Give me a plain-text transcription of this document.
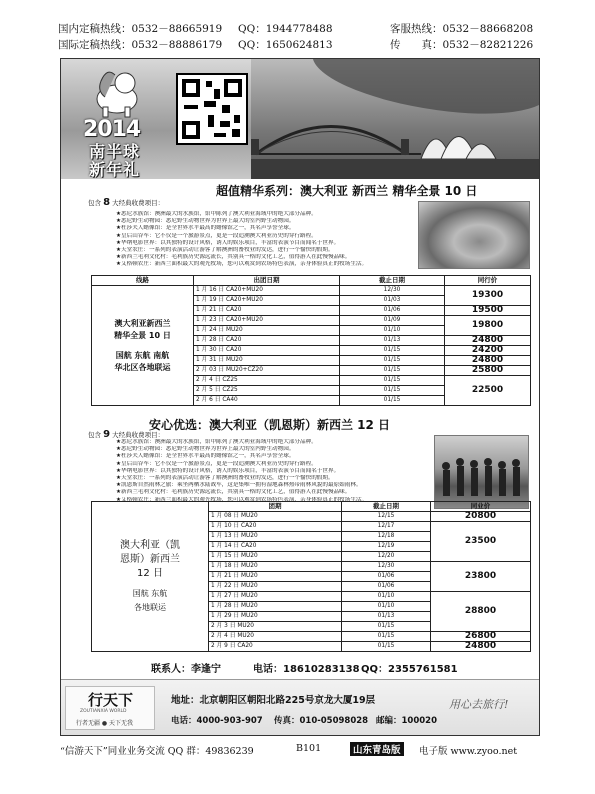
国内定稿热线：0532－88665919 QQ：1944778488
国际定稿热线：0532－88886179 QQ：1650624813
客服热线：0532－88668208
传　　真：0532－82821226
2014
南半球
新年礼
超值精华系列：澳大利亚 新西兰 精华全景 10 日
包含 8 大经典收费项目：
★悉尼水族馆：澳洲最大的水族馆，馆中陈列了澳大利亚海域中的绝大部分品种。
★悉尼野生动物园：悉尼野生动物世界为世界上最大的室内野生动物园。
★杜莎夫人蜡像馆：是全世界水平最高的蜡像馆之一，其名声享誉全球。
★皇后山谷车：它不仅是一个旅游景点，更是一段追溯澳大利亚历史的穿行路程。
★华纳电影世界：以其独特的设计风格，诱人的娱乐项目，丰富的表演节目而闻名于世界。
★天堂农庄：一系列的表演活动让游客了解澳洲的畜牧业的发达，进行一个愉快的假期。
★新西兰毛利文化村：毛利族历史源远流长，其别具一格的文化工艺，值得游人在此慢慢品味。
★艾格顿农庄：新西兰面积最大的观光牧场，您可以观赏到农场特色表演，亲身体验真正的牧场生活。
线路	出团日期	截止日期	同行价

澳大利亚新西兰
精华全景 10 日
国航 东航 南航
华北区各地联运	1 月 16 日 CA20+MU20	12/30	19300
	1 月 19 日 CA20+MU20	01/03	
	1 月 21 日 CA20	01/06	19500
	1 月 23 日 CA20+MU20	01/09	19800
	1 月 24 日 MU20	01/10	
	1 月 28 日 CA20	01/13	24800
	1 月 30 日 CA20	01/15	24200
	1 月 31 日 MU20	01/15	24800
	2 月 03 日 MU20+CZ20	01/15	25800
	2 月 4 日 CZ25	01/15	22500
	2 月 5 日 CZ25	01/15	
	2 月 6 日 CA40	01/15	
安心优选：澳大利亚（凯恩斯）新西兰 12 日
包含 9 大经典收费项目：
★悉尼水族馆：澳洲最大的水族馆，馆中陈列了澳大利亚海域中的绝大部分品种。
★悉尼野生动物园：悉尼野生动物世界为世界上最大的室内野生动物园。
★杜莎夫人蜡像馆：是全世界水平最高的蜡像馆之一，其名声享誉全球。
★皇后山谷车：它不仅是一个旅游景点，更是一段追溯澳大利亚历史的穿行路程。
★华纳电影世界：以其独特的设计风格，诱人的娱乐项目，丰富的表演节目而闻名于世界。
★天堂农庄：一系列的表演活动让游客了解澳洲的畜牧业的发达，进行一个愉快的假期。
★凯恩斯自然雨林之旅：乘坐两栖水陆战车，这是集唯一拥有湿地森林热带雨林风貌的最原始雨林。
★新西兰毛利文化村：毛利族历史源远流长，其别具一格的文化工艺，值得游人在此慢慢品味。
★艾格顿农庄：新西兰面积最大的观光牧场，您可以观赏到农场特色表演，亲身体验真正的牧场生活。
澳大利亚（凯
恩斯）新西兰
12 日
国航 东航
各地联运	团期	截止日期	同业价
	1 月 08 日 MU20	12/15	20800
	1 月 10 日 CA20	12/17	23500
	1 月 13 日 MU20	12/18	
	1 月 14 日 CA20	12/19	
	1 月 15 日 MU20	12/20	
	1 月 18 日 MU20	12/30	23800
	1 月 21 日 MU20	01/06	
	1 月 22 日 MU20	01/06	
	1 月 27 日 MU20	01/10	28800
	1 月 28 日 MU20	01/10	
	1 月 29 日 MU20	01/13	
	2 月 3 日 MU20	01/15	
	2 月 4 日 MU20	01/15	26800
	2 月 9 日 CA20	01/15	24800
联系人：李逢宁	电话：18610283138 QQ：2355761581
行天下
ZOUTIANXIA WORLD
行者无疆 ● 天下无我
地址：北京朝阳区朝阳北路225号京龙大厦19层
电话：4000-903-907 传真：010-05098028 邮编：100020
用心去旅行!
“信游天下”同业业务交流 QQ 群：49836239	B101	山东青岛版	电子版 www.zyoo.net
